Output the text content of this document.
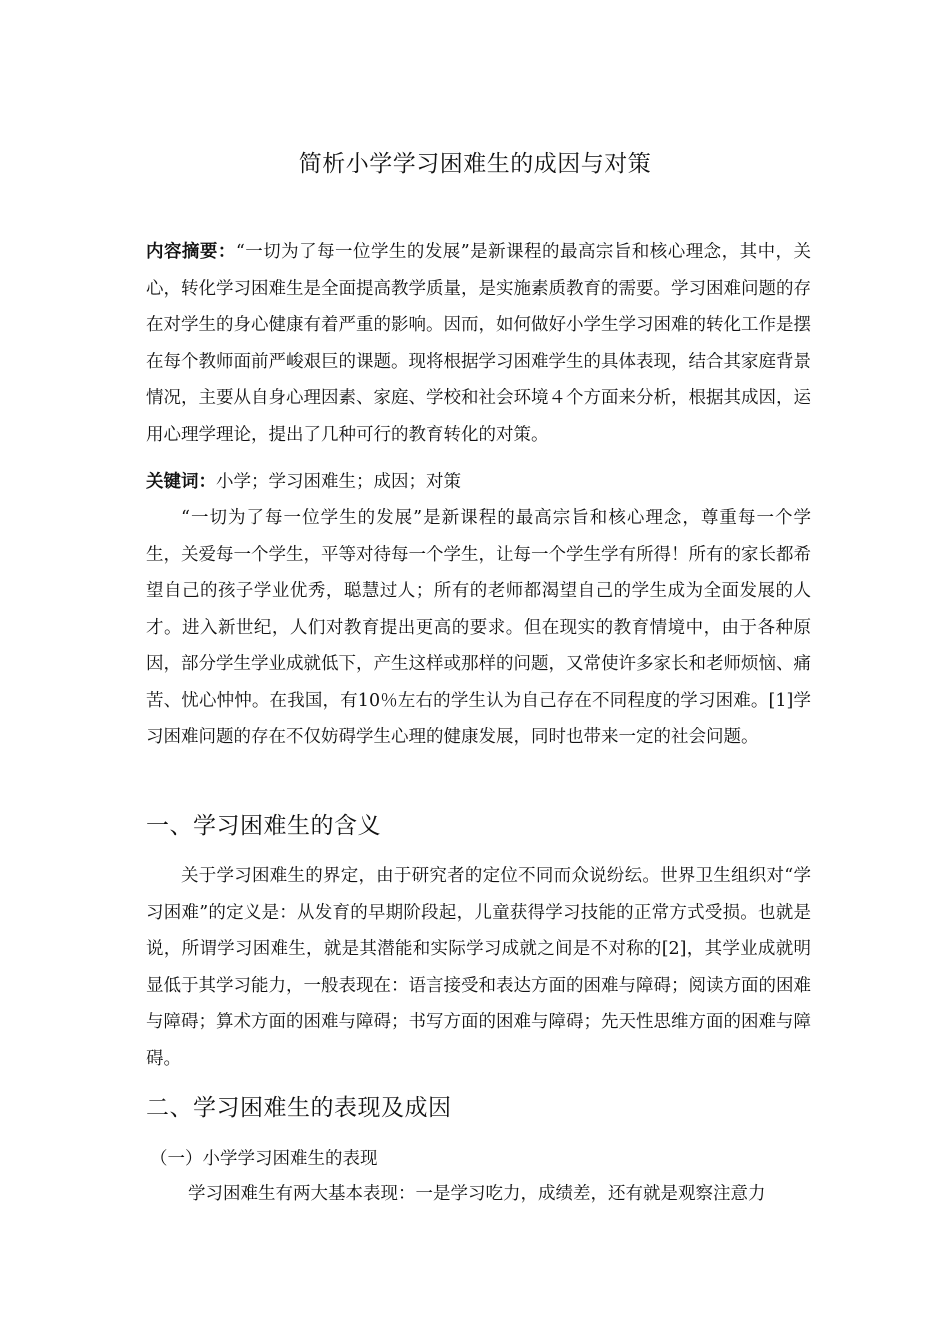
简析小学学习困难生的成因与对策
内容摘要：“一切为了每一位学生的发展”是新课程的最高宗旨和核心理念，其中，关心，转化学习困难生是全面提高教学质量，是实施素质教育的需要。学习困难问题的存在对学生的身心健康有着严重的影响。因而，如何做好小学生学习困难的转化工作是摆在每个教师面前严峻艰巨的课题。现将根据学习困难学生的具体表现，结合其家庭背景情况，主要从自身心理因素、家庭、学校和社会环境４个方面来分析，根据其成因，运用心理学理论，提出了几种可行的教育转化的对策。
关键词：小学；学习困难生；成因；对策
“一切为了每一位学生的发展”是新课程的最高宗旨和核心理念，尊重每一个学生，关爱每一个学生，平等对待每一个学生，让每一个学生学有所得！所有的家长都希望自己的孩子学业优秀，聪慧过人；所有的老师都渴望自己的学生成为全面发展的人才。进入新世纪，人们对教育提出更高的要求。但在现实的教育情境中，由于各种原因，部分学生学业成就低下，产生这样或那样的问题，又常使许多家长和老师烦恼、痛苦、忧心忡忡。在我国，有10％左右的学生认为自己存在不同程度的学习困难。[1]学习困难问题的存在不仅妨碍学生心理的健康发展，同时也带来一定的社会问题。
一、学习困难生的含义
关于学习困难生的界定，由于研究者的定位不同而众说纷纭。世界卫生组织对“学习困难”的定义是：从发育的早期阶段起，儿童获得学习技能的正常方式受损。也就是说，所谓学习困难生，就是其潜能和实际学习成就之间是不对称的[2]，其学业成就明显低于其学习能力，一般表现在：语言接受和表达方面的困难与障碍；阅读方面的困难与障碍；算术方面的困难与障碍；书写方面的困难与障碍；先天性思维方面的困难与障碍。
二、学习困难生的表现及成因
（一）小学学习困难生的表现
学习困难生有两大基本表现：一是学习吃力，成绩差，还有就是观察注意力
